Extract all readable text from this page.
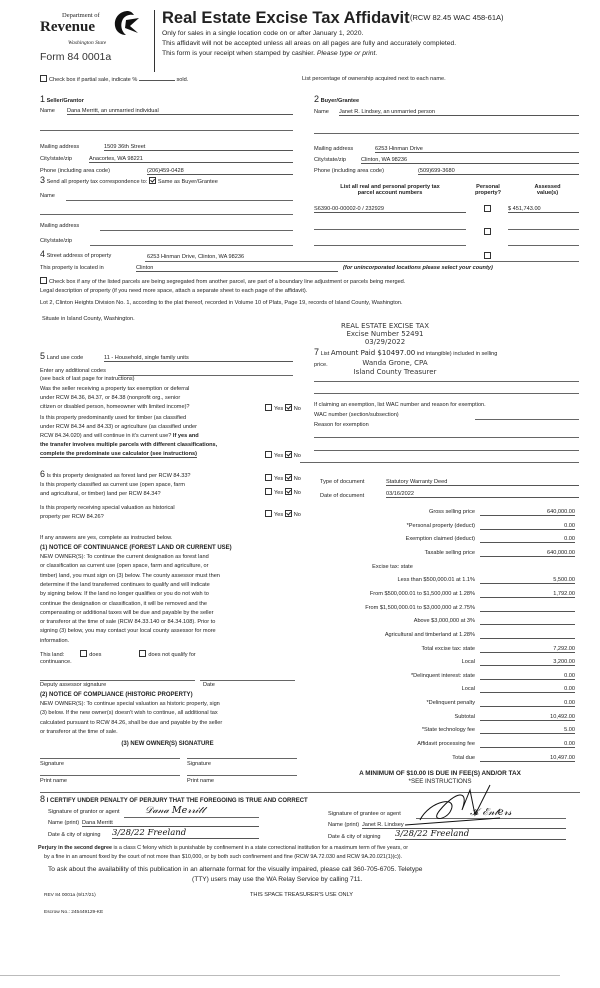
Department of
Revenue
Washington State
Form 84 0001a
Real Estate Excise Tax Affidavit (RCW 82.45 WAC 458-61A)
Only for sales in a single location code on or after January 1, 2020.
This affidavit will not be accepted unless all areas on all pages are fully and accurately completed.
This form is your receipt when stamped by cashier. Please type or print.
Check box if partial sale, indicate %	sold.	List percentage of ownership acquired next to each name.
1 Seller/Grantor
Name Dana Merritt, an unmarried individual
Mailing address	1509 36th Street
City/state/zip	Anacortes, WA 98221
Phone (including area code)	(206)459-0428
2 Buyer/Grantee
Name Janet R. Lindsey, an unmarried person
Mailing address	6253 Hinman Drive
City/state/zip	Clinton, WA 98236
Phone (including area code)	(509)699-3680
3 Send all property tax correspondence to: Same as Buyer/Grantee
Name
Mailing address
City/state/zip
List all real and personal property tax
parcel account numbers
Personal
property?
Assessed
value(s)
S6390-00-00002-0 / 232929	$ 451,743.00
4 Street address of property	6253 Hinman Drive, Clinton, WA 98236
This property is located in	Clinton	(for unincorporated locations please select your county)
Check box if any of the listed parcels are being segregated from another parcel, are part of a boundary line adjustment or parcels being merged.
Legal description of property (if you need more space, attach a separate sheet to each page of the affidavit).
Lot 2, Clinton Heights Division No. 1, according to the plat thereof, recorded in Volume 10 of Plats, Page 19, records of Island County, Washington.
Situate in Island County, Washington.
REAL ESTATE EXCISE TAX
Excise Number 52491
03/29/2022
7 List Amount Paid $10497.00 ind intangible) included in selling
price.	Wanda Grone, CPA
Island County Treasurer
5 Land use code	11 - Household, single family units
Enter any additional codes
(see back of last page for instructions)
Was the seller receiving a property tax exemption or deferral
under RCW 84.36, 84.37, or 84.38 (nonprofit org., senior
citizen or disabled person, homeowner with limited income)?	Yes No
Is this property predominantly used for timber (as classified
under RCW 84.34 and 84.33) or agriculture (as classified under
RCW 84.34.020) and will continue in it's current use? If yes and
the transfer involves multiple parcels with different classifications,
complete the predominate use calculator (see instructions)	Yes No
If claiming an exemption, list WAC number and reason for exemption.
WAC number (section/subsection)
Reason for exemption
6 Is this property designated as forest land per RCW 84.33?	Yes No
Is this property classified as current use (open space, farm
and agricultural, or timber) land per RCW 84.34?	Yes No
Is this property receiving special valuation as historical
property per RCW 84.26?	Yes No
If any answers are yes, complete as instructed below.
(1) NOTICE OF CONTINUANCE (FOREST LAND OR CURRENT USE)
NEW OWNER(S): To continue the current designation as forest land
or classification as current use (open space, farm and agriculture, or
timber) land, you must sign on (3) below. The county assessor must then
determine if the land transferred continues to qualify and will indicate
by signing below. If the land no longer qualifies or you do not wish to
continue the designation or classification, it will be removed and the
compensating or additional taxes will be due and payable by the seller
or transferor at the time of sale (RCW 84.33.140 or 84.34.108). Prior to
signing (3) below, you may contact your local county assessor for more
information.
This land:	does	does not qualify for
continuance.
Deputy assessor signature	Date
(2) NOTICE OF COMPLIANCE (HISTORIC PROPERTY)
NEW OWNER(S): To continue special valuation as historic property, sign
(3) below. If the new owner(s) doesn't wish to continue, all additional tax
calculated pursuant to RCW 84.26, shall be due and payable by the seller
or transferor at the time of sale.
(3) NEW OWNER(S) SIGNATURE
Signature	Signature
Print name	Print name
Type of document	Statutory Warranty Deed
Date of document	03/16/2022
Gross selling price	640,000.00
*Personal property (deduct)	0.00
Exemption claimed (deduct)	0.00
Taxable selling price	640,000.00
Excise tax: state
Less than $500,000.01 at 1.1%	5,500.00
From $500,000.01 to $1,500,000 at 1.28%	1,792.00
From $1,500,000.01 to $3,000,000 at 2.75%
Above $3,000,000 at 3%
Agricultural and timberland at 1.28%
Total excise tax: state	7,292.00
Local	3,200.00
*Delinquent interest: state	0.00
Local	0.00
*Delinquent penalty	0.00
Subtotal	10,492.00
*State technology fee	5.00
Affidavit processing fee	0.00
Total due	10,497.00
A MINIMUM OF $10.00 IS DUE IN FEE(S) AND/OR TAX
*SEE INSTRUCTIONS
8 I CERTIFY UNDER PENALTY OF PERJURY THAT THE FOREGOING IS TRUE AND CORRECT
Signature of grantor or agent	𝒟𝒶𝓃𝒶 𝑀𝑒𝓇𝓇𝒾𝓉𝓉
Name (print) Dana Merritt
Date & city of signing 3/28/22 Freeland
Signature of grantee or agent
Name (print) Janet R. Lindsey
𝒦 ℰ𝓃𝓉𝑒𝓇𝓈
Date & city of signing 3/28/22 Freeland
Perjury in the second degree is a class C felony which is punishable by confinement in a state correctional institution for a maximum term of five years, or
by a fine in an amount fixed by the court of not more than $10,000, or by both such confinement and fine (RCW 9A.72.030 and RCW 9A.20.021(1)(c)).
To ask about the availability of this publication in an alternate format for the visually impaired, please call 360-705-6705. Teletype
(TTY) users may use the WA Relay Service by calling 711.
REV 84 0001a (9/17/21)	THIS SPACE TREASURER'S USE ONLY
Escrow No.: 245449129-KE
